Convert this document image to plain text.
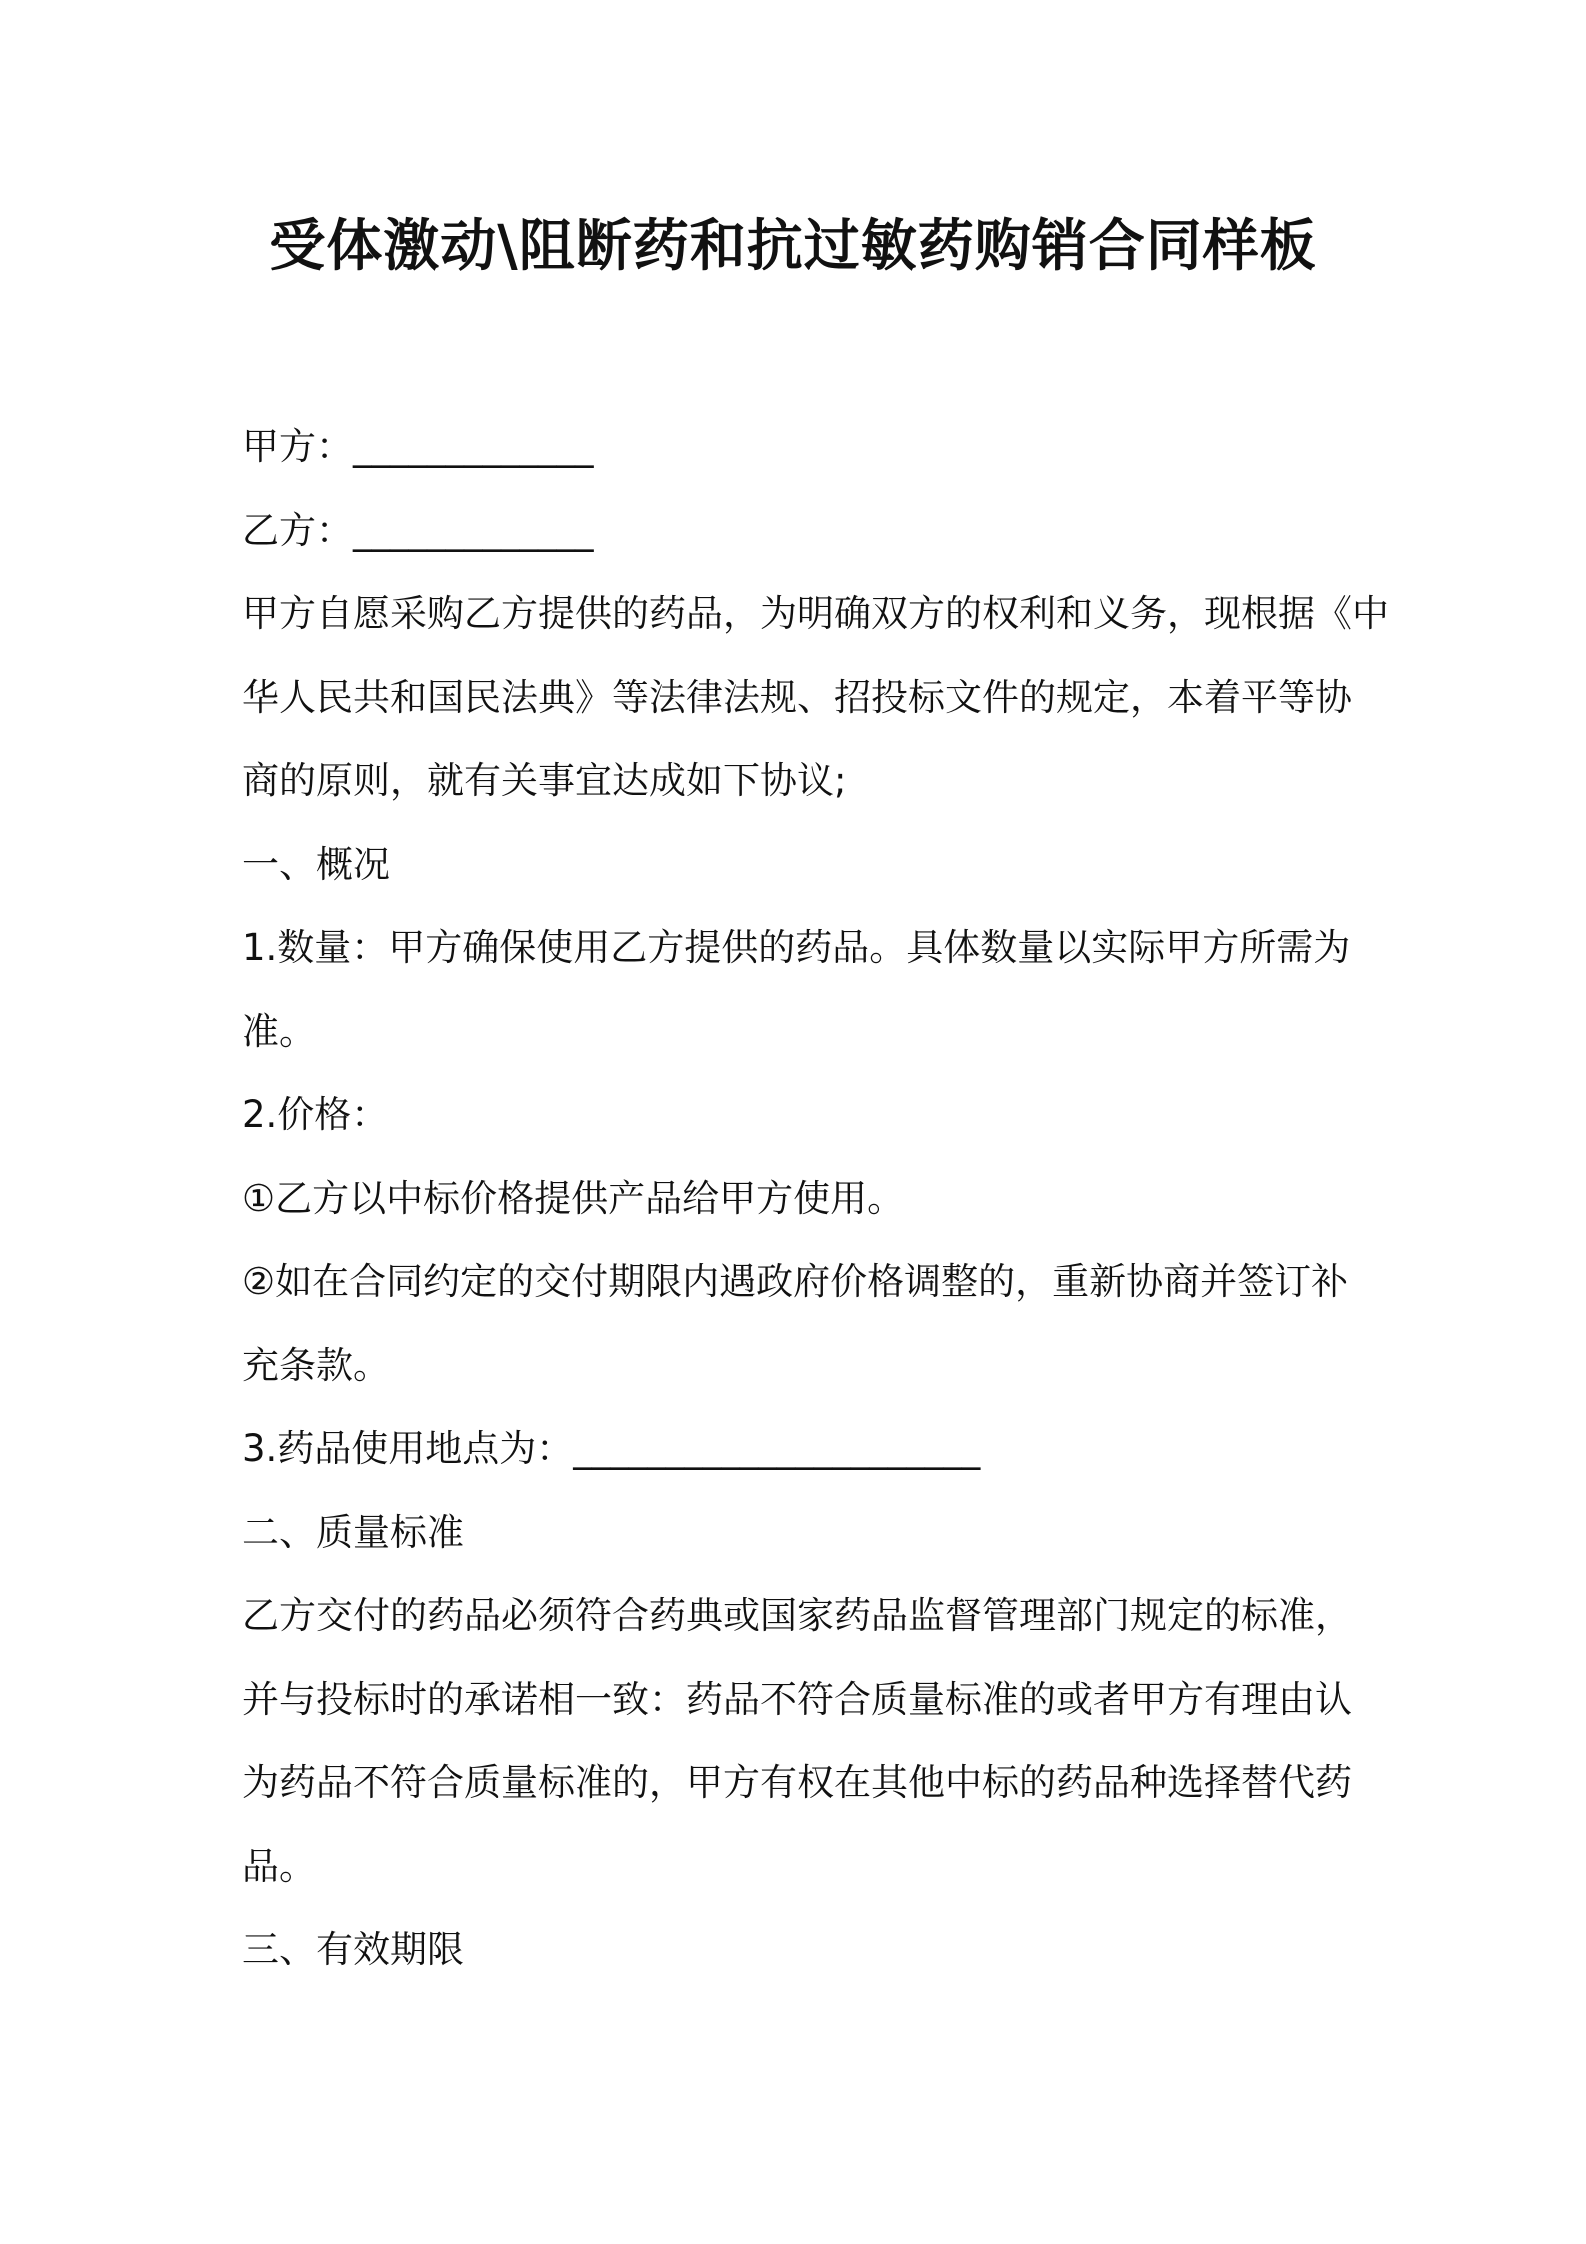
受体激动\阻断药和抗过敏药购销合同样板
甲方：_____________
乙方：_____________
甲方自愿采购乙方提供的药品，为明确双方的权利和义务，现根据《中
华人民共和国民法典》等法律法规、招投标文件的规定，本着平等协
商的原则，就有关事宜达成如下协议;
一、概况
1.数量：甲方确保使用乙方提供的药品。具体数量以实际甲方所需为
准。
2.价格：
①乙方以中标价格提供产品给甲方使用。
②如在合同约定的交付期限内遇政府价格调整的，重新协商并签订补
充条款。
3.药品使用地点为：______________________
二、质量标准
乙方交付的药品必须符合药典或国家药品监督管理部门规定的标准，
并与投标时的承诺相一致：药品不符合质量标准的或者甲方有理由认
为药品不符合质量标准的，甲方有权在其他中标的药品种选择替代药
品。
三、有效期限
